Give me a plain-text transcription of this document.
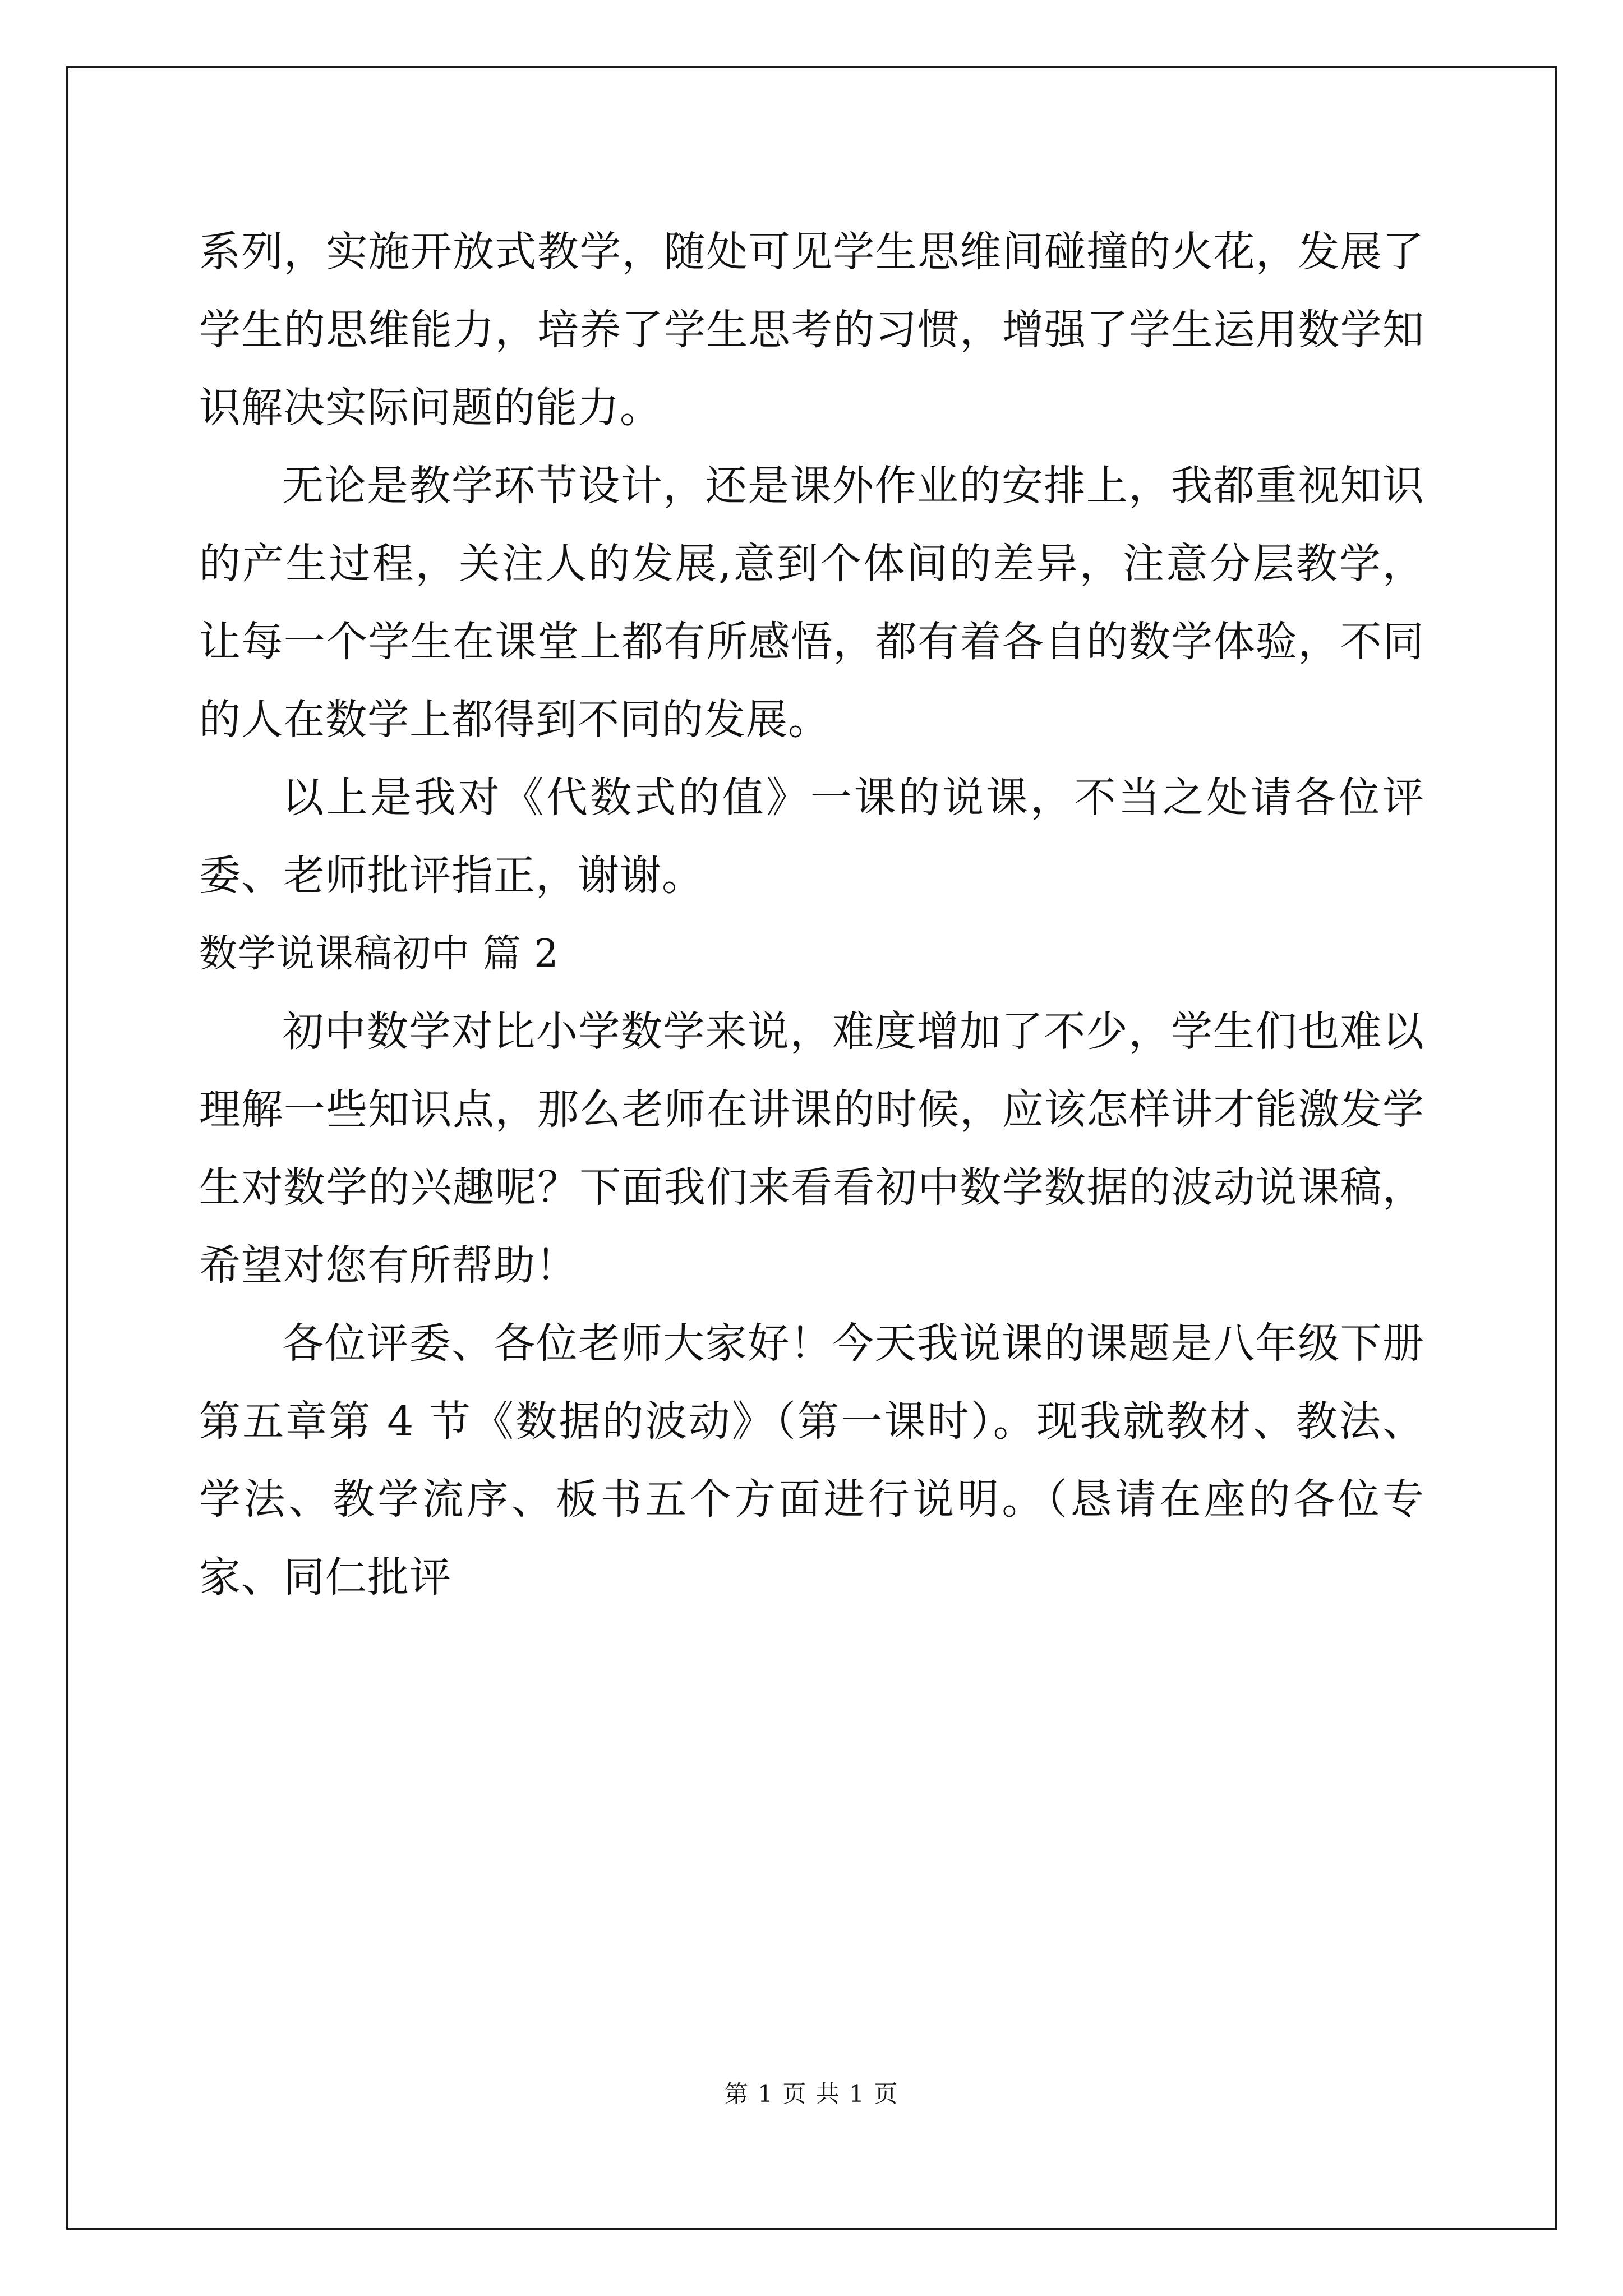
系列，实施开放式教学，随处可见学生思维间碰撞的火花，发展了学生的思维能力，培养了学生思考的习惯，增强了学生运用数学知识解决实际问题的能力。

无论是教学环节设计，还是课外作业的安排上，我都重视知识的产生过程，关注人的发展,意到个体间的差异，注意分层教学，让每一个学生在课堂上都有所感悟，都有着各自的数学体验，不同的人在数学上都得到不同的发展。

以上是我对《代数式的值》一课的说课，不当之处请各位评委、老师批评指正，谢谢。

数学说课稿初中 篇 2

初中数学对比小学数学来说，难度增加了不少，学生们也难以理解一些知识点，那么老师在讲课的时候，应该怎样讲才能激发学生对数学的兴趣呢？下面我们来看看初中数学数据的波动说课稿，希望对您有所帮助！

各位评委、各位老师大家好！今天我说课的课题是八年级下册第五章第 4 节《数据的波动》（第一课时）。现我就教材、教法、学法、教学流序、板书五个方面进行说明。（恳请在座的各位专家、同仁批评

第 1 页 共 1 页
